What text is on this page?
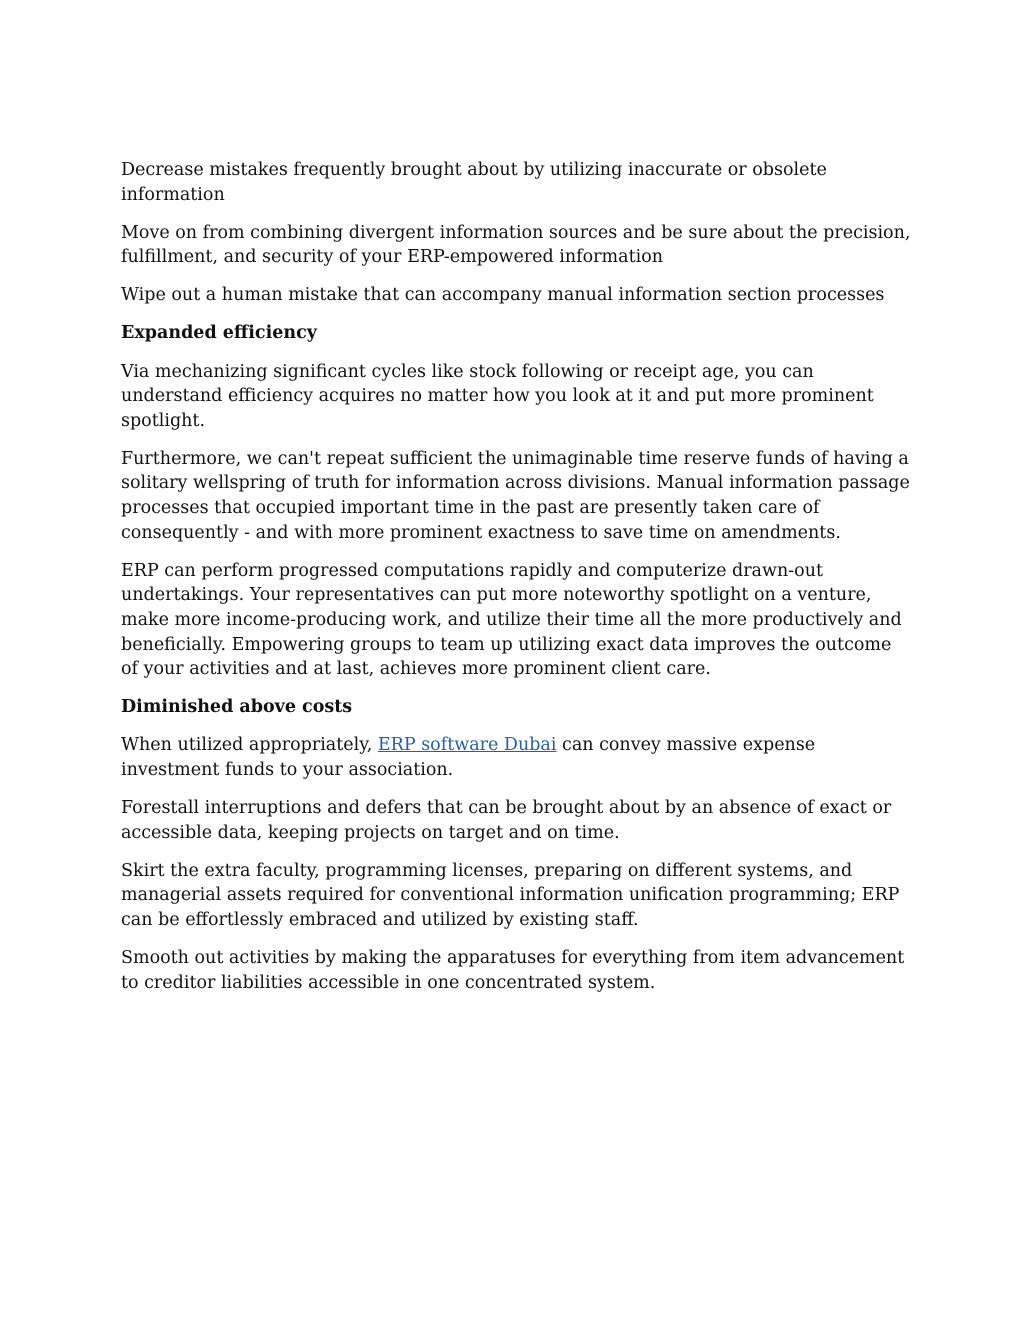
Decrease mistakes frequently brought about by utilizing inaccurate or obsolete information

Move on from combining divergent information sources and be sure about the precision, fulfillment, and security of your ERP-empowered information

Wipe out a human mistake that can accompany manual information section processes

Expanded efficiency

Via mechanizing significant cycles like stock following or receipt age, you can understand efficiency acquires no matter how you look at it and put more prominent spotlight.

Furthermore, we can't repeat sufficient the unimaginable time reserve funds of having a solitary wellspring of truth for information across divisions. Manual information passage processes that occupied important time in the past are presently taken care of consequently - and with more prominent exactness to save time on amendments.

ERP can perform progressed computations rapidly and computerize drawn-out undertakings. Your representatives can put more noteworthy spotlight on a venture, make more income-producing work, and utilize their time all the more productively and beneficially. Empowering groups to team up utilizing exact data improves the outcome of your activities and at last, achieves more prominent client care.

Diminished above costs

When utilized appropriately, ERP software Dubai can convey massive expense investment funds to your association.

Forestall interruptions and defers that can be brought about by an absence of exact or accessible data, keeping projects on target and on time.

Skirt the extra faculty, programming licenses, preparing on different systems, and managerial assets required for conventional information unification programming; ERP can be effortlessly embraced and utilized by existing staff.

Smooth out activities by making the apparatuses for everything from item advancement to creditor liabilities accessible in one concentrated system.
